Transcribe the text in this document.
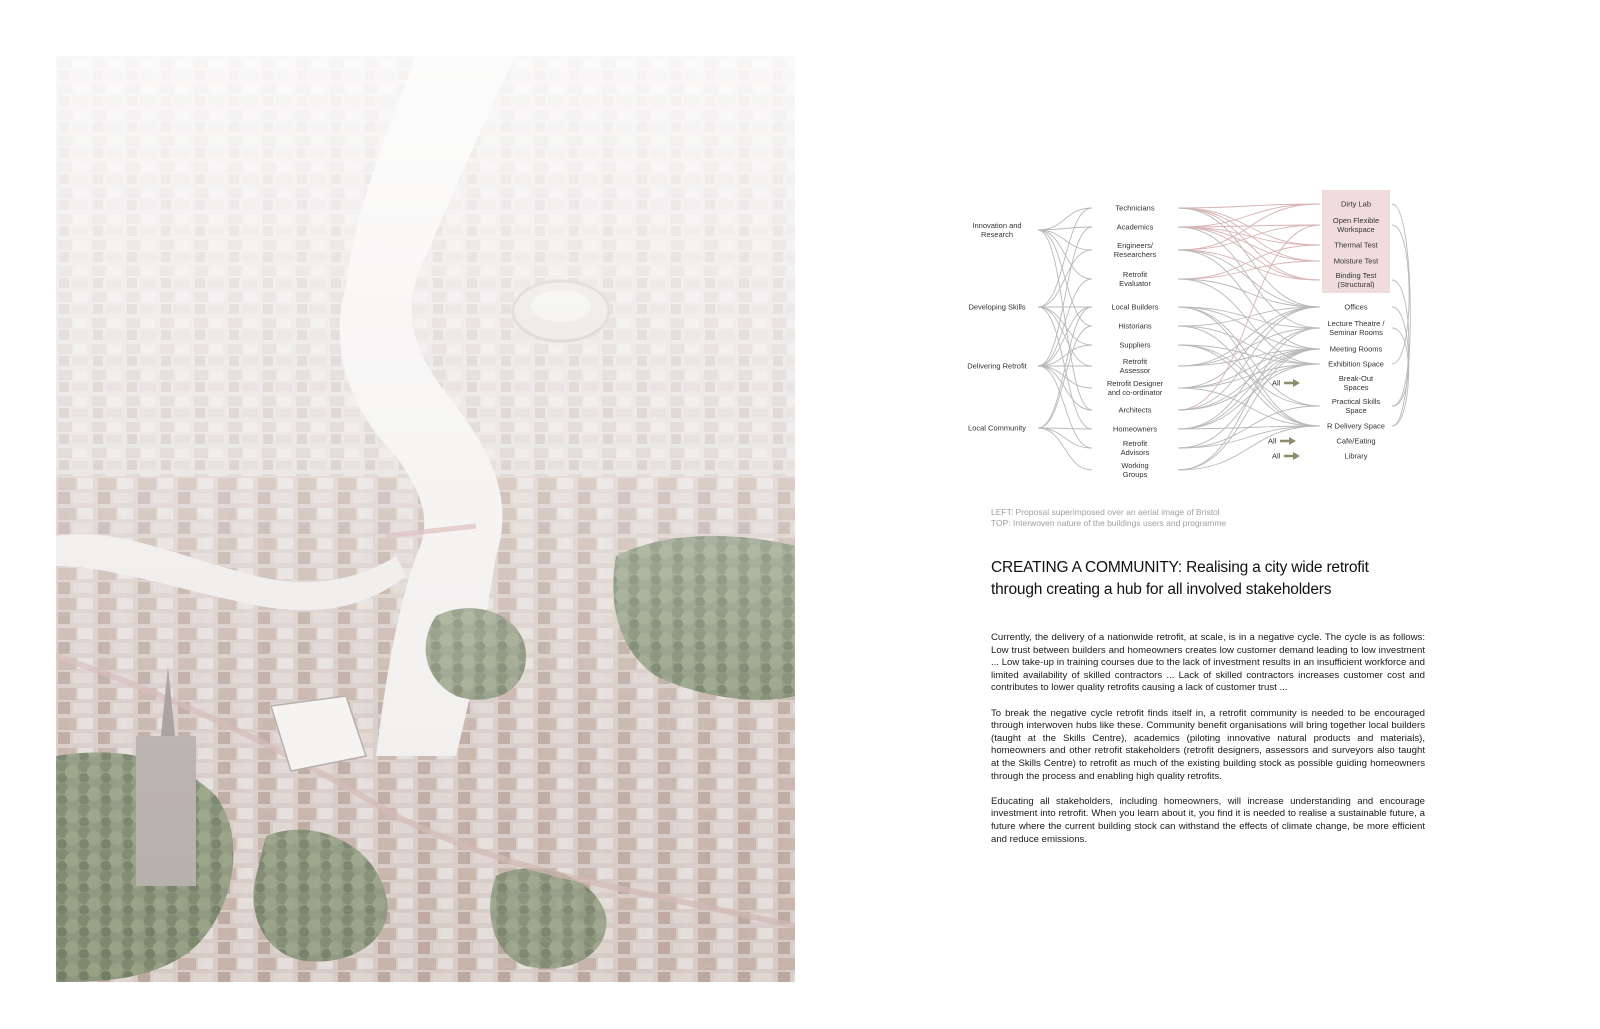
Innovation and
Research
Developing Skills
Delivering Retrofit
Local Community
Technicians
Academics
Engineers/
Researchers
Retrofit
Evaluator
Local Builders
Historians
Suppliers
Retrofit
Assessor
Retrofit Designer
and co-ordinator
Architects
Homeowners
Retrofit
Advisors
Working
Groups
Dirty Lab
Open Flexible
Workspace
Thermal Test
Moisture Test
Binding Test
(Structural)
Offices
Lecture Theatre /
Seminar Rooms
Meeting Rooms
Exhibition Space
Break-Out
Spaces
Practical Skills
Space
R Delivery Space
Cafe/Eating
Library
All
All
All
LEFT: Proposal superimposed over an aerial image of Bristol
TOP: Interwoven nature of the buildings users and programme
CREATING A COMMUNITY: Realising a city wide retrofit
through creating a hub for all involved stakeholders

Currently, the delivery of a nationwide retrofit, at scale, is in a negative cycle. The cycle is as follows: Low trust between builders and homeowners creates low customer demand leading to low investment ... Low take-up in training courses due to the lack of investment results in an insufficient workforce and limited availability of skilled contractors ... Lack of skilled contractors increases customer cost and contributes to lower quality retrofits causing a lack of customer trust ...

To break the negative cycle retrofit finds itself in, a retrofit community is needed to be encouraged through interwoven hubs like these. Community benefit organisations will bring together local builders (taught at the Skills Centre), academics (piloting innovative natural products and materials), homeowners and other retrofit stakeholders (retrofit designers, assessors and surveyors also taught at the Skills Centre) to retrofit as much of the existing building stock as possible guiding homeowners through the process and enabling high quality retrofits.

Educating all stakeholders, including homeowners, will increase understanding and encourage investment into retrofit. When you learn about it, you find it is needed to realise a sustainable future, a future where the current building stock can withstand the effects of climate change, be more efficient and reduce emissions.
